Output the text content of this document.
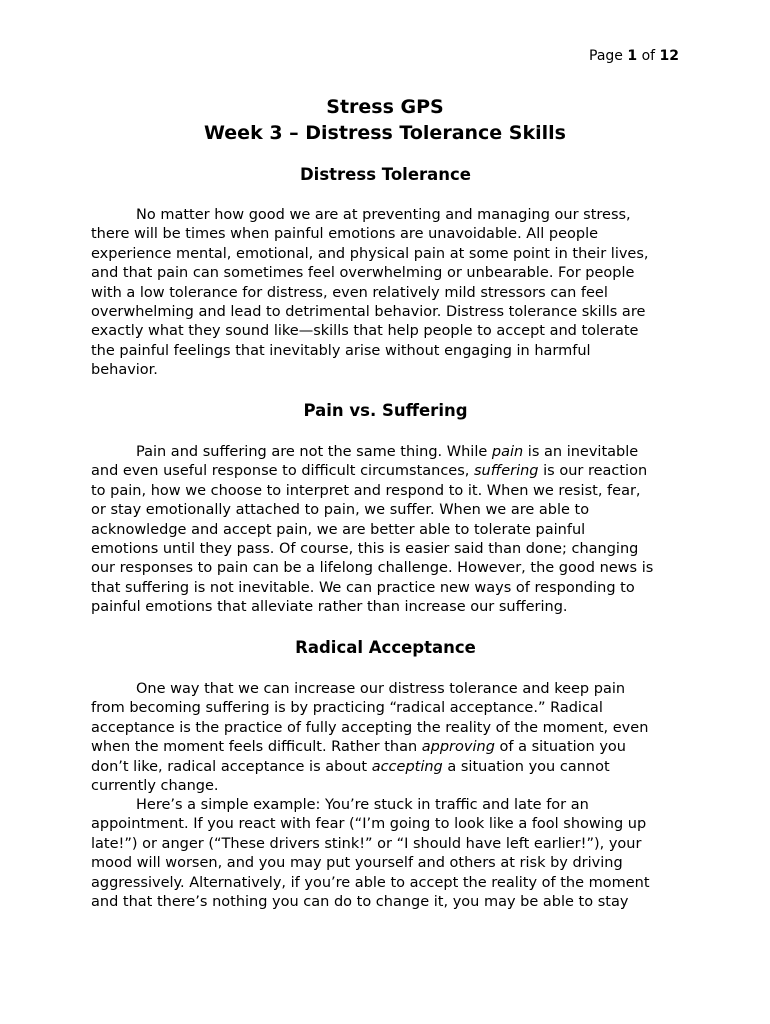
Page 1 of 12
Stress GPS
Week 3 – Distress Tolerance Skills
Distress Tolerance
No matter how good we are at preventing and managing our stress,
there will be times when painful emotions are unavoidable. All people
experience mental, emotional, and physical pain at some point in their lives,
and that pain can sometimes feel overwhelming or unbearable. For people
with a low tolerance for distress, even relatively mild stressors can feel
overwhelming and lead to detrimental behavior. Distress tolerance skills are
exactly what they sound like—skills that help people to accept and tolerate
the painful feelings that inevitably arise without engaging in harmful
behavior.
Pain vs. Suffering
Pain and suffering are not the same thing. While pain is an inevitable
and even useful response to difficult circumstances, suffering is our reaction
to pain, how we choose to interpret and respond to it. When we resist, fear,
or stay emotionally attached to pain, we suffer. When we are able to
acknowledge and accept pain, we are better able to tolerate painful
emotions until they pass. Of course, this is easier said than done; changing
our responses to pain can be a lifelong challenge. However, the good news is
that suffering is not inevitable. We can practice new ways of responding to
painful emotions that alleviate rather than increase our suffering.
Radical Acceptance
One way that we can increase our distress tolerance and keep pain
from becoming suffering is by practicing “radical acceptance.” Radical
acceptance is the practice of fully accepting the reality of the moment, even
when the moment feels difficult. Rather than approving of a situation you
don’t like, radical acceptance is about accepting a situation you cannot
currently change.
Here’s a simple example: You’re stuck in traffic and late for an
appointment. If you react with fear (“I’m going to look like a fool showing up
late!”) or anger (“These drivers stink!” or “I should have left earlier!”), your
mood will worsen, and you may put yourself and others at risk by driving
aggressively. Alternatively, if you’re able to accept the reality of the moment
and that there’s nothing you can do to change it, you may be able to stay
